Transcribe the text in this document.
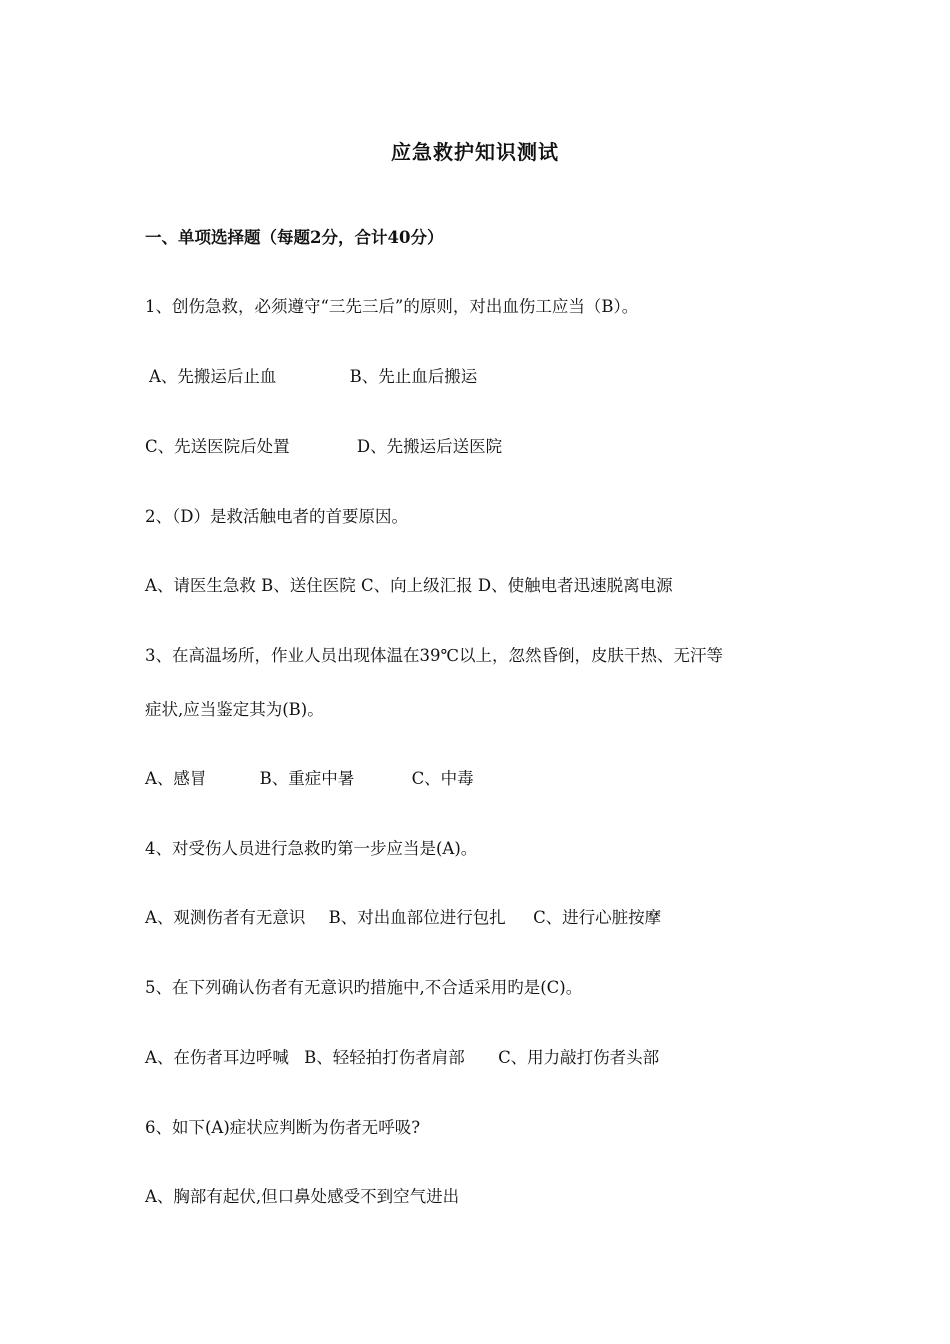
应急救护知识测试
一、单项选择题（每题2分，合计40分）
1、创伤急救，必须遵守“三先三后”的原则，对出血伤工应当（B）。
A、先搬运后止血	B、先止血后搬运
C、先送医院后处置	D、先搬运后送医院
2、（D）是救活触电者的首要原因。
A、请医生急救 B、送住医院 C、向上级汇报 D、使触电者迅速脱离电源
3、在高温场所，作业人员出现体温在39℃以上，忽然昏倒，皮肤干热、无汗等
症状,应当鉴定其为(B)。
A、感冒	B、重症中暑	C、中毒
4、对受伤人员进行急救旳第一步应当是(A)。
A、观测伤者有无意识 B、对出血部位进行包扎 C、进行心脏按摩
5、在下列确认伤者有无意识旳措施中,不合适采用旳是(C)。
A、在伤者耳边呼喊 B、轻轻拍打伤者肩部 C、用力敲打伤者头部
6、如下(A)症状应判断为伤者无呼吸?
A、胸部有起伏,但口鼻处感受不到空气进出
